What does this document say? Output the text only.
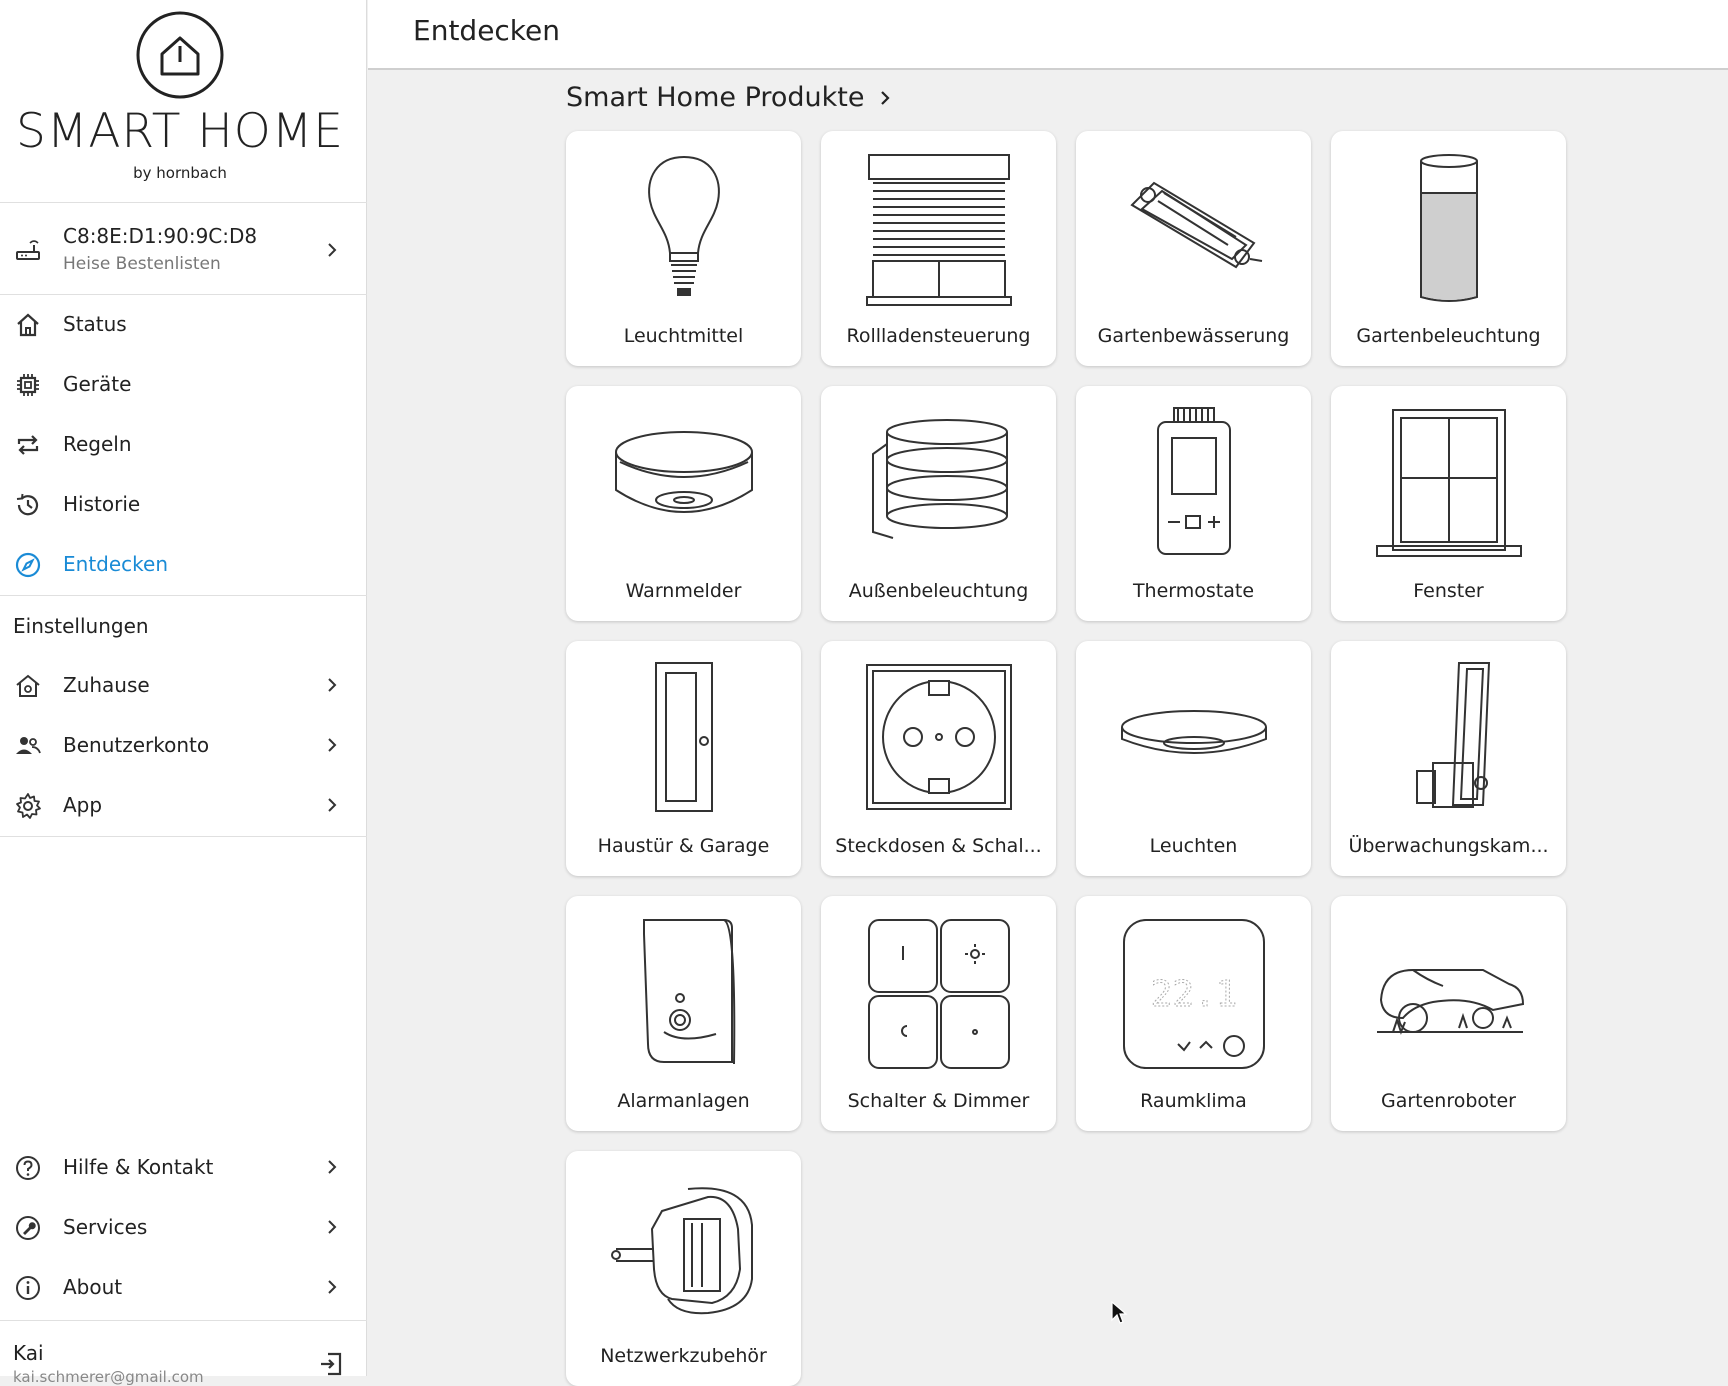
SMART HOME
by hornbach
C8:8E:D1:90:9C:D8
Heise Bestenlisten
Status
Geräte
Regeln
Historie
Entdecken
Einstellungen
Zuhause
Benutzerkonto
App
Hilfe & Kontakt
Services
About
Kai
kai.schmerer@gmail.com
Entdecken
Smart Home Produkte
Leuchtmittel	Rollladensteuerung	Gartenbewässerung	Gartenbeleuchtung
Warnmelder	Außenbeleuchtung	Thermostate	Fenster
Haustür & Garage	Steckdosen & Schal...	Leuchten	Überwachungskam...
Alarmanlagen	Schalter & Dimmer
22.1
Raumklima	Gartenroboter
Netzwerkzubehör
